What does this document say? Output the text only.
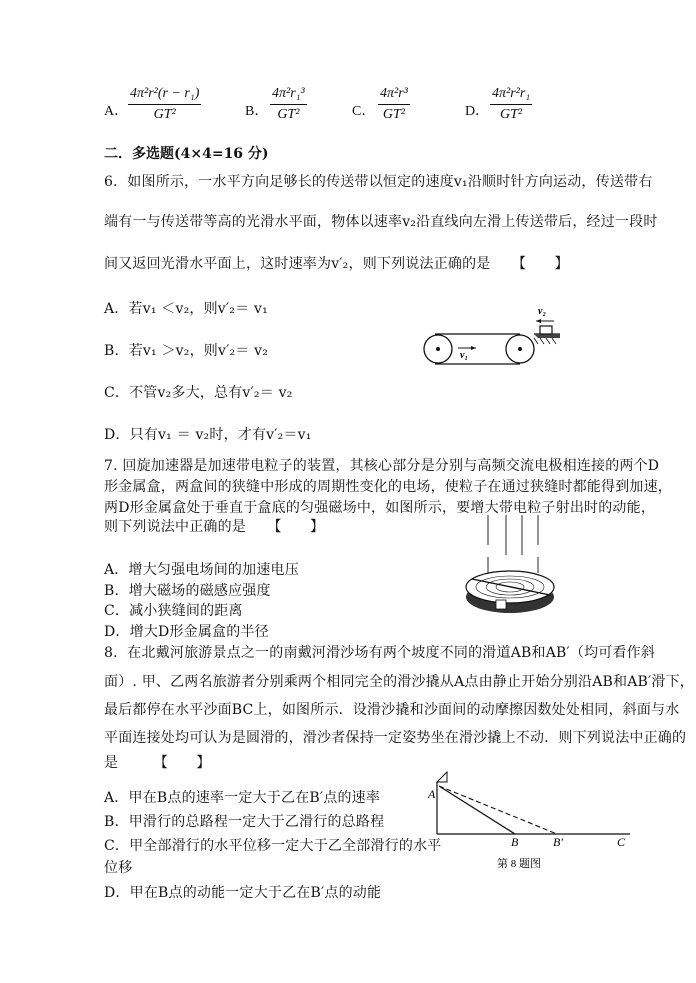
A． $\frac{\text{4π²r²(r − r₁)}}{\text{GT²}}$	B． $\frac{\text{4π²r₁³}}{\text{GT²}}$	C． $\frac{\text{4π²r³}}{\text{GT²}}$	D． $\frac{\text{4π²r²r₁}}{\text{GT²}}$
二．多选题(4×4=16 分)
6．如图所示，一水平方向足够长的传送带以恒定的速度v₁沿顺时针方向运动，传送带右
端有一与传送带等高的光滑水平面，物体以速率v₂沿直线向左滑上传送带后，经过一段时
间又返回光滑水平面上，这时速率为v′₂，则下列说法正确的是　　【　　】
A．若v₁ ＜v₂，则v′₂＝ v₁
B．若v₁ ＞v₂，则v′₂＝ v₂
C．不管v₂多大，总有v′₂＝ v₂
D．只有v₁ ＝ v₂时，才有v′₂＝v₁
v₂
v₁
7. 回旋加速器是加速带电粒子的装置，其核心部分是分别与高频交流电极相连接的两个D
形金属盒，两盒间的狭缝中形成的周期性变化的电场，使粒子在通过狭缝时都能得到加速，
两D形金属盒处于垂直于盒底的匀强磁场中，如图所示，要增大带电粒子射出时的动能，
则下列说法中正确的是　　【　　】
A．增大匀强电场间的加速电压
B．增大磁场的磁感应强度
C．减小狭缝间的距离
D．增大D形金属盒的半径
8．在北戴河旅游景点之一的南戴河滑沙场有两个坡度不同的滑道AB和AB′（均可看作斜
面）. 甲、乙两名旅游者分别乘两个相同完全的滑沙撬从A点由静止开始分别沿AB和AB′滑下，
最后都停在水平沙面BC上，如图所示．设滑沙撬和沙面间的动摩擦因数处处相同，斜面与水
平面连接处均可认为是圆滑的，滑沙者保持一定姿势坐在滑沙撬上不动．则下列说法中正确的
是　　　【　　】
A．甲在B点的速率一定大于乙在B′点的速率
B．甲滑行的总路程一定大于乙滑行的总路程
C．甲全部滑行的水平位移一定大于乙全部滑行的水平
位移
D．甲在B点的动能一定大于乙在B′点的动能
A
B	B′	C
第 8 题图
